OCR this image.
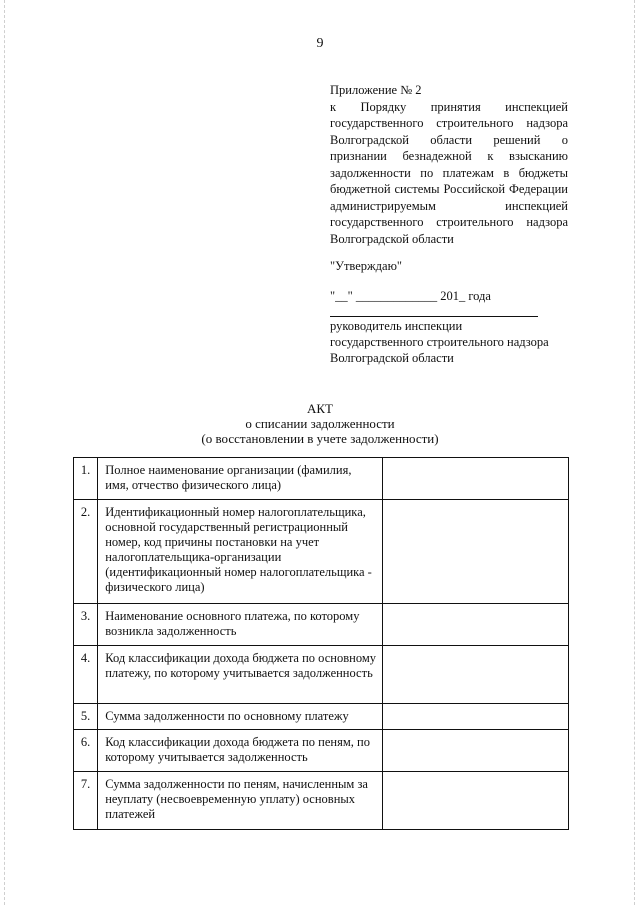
9
Приложение № 2
к Порядку принятия инспекцией государственного строительного надзора Волгоградской области решений о признании безнадежной к взысканию задолженности по платежам в бюджеты бюджетной системы Российской Федерации администрируемым инспекцией государственного строительного надзора Волгоградской области
"Утверждаю"
"__" _____________ 201_ года
руководитель инспекции
государственного строительного надзора
Волгоградской области
АКТ
о списании задолженности
(о восстановлении в учете задолженности)
1.	Полное наименование организации (фамилия, имя, отчество физического лица)	
2.	Идентификационный номер налогоплательщика, основной государственный регистрационный номер, код причины постановки на учет налогоплательщика-организации (идентификационный номер налогоплательщика - физического лица)	
3.	Наименование основного платежа, по которому возникла задолженность	
4.	Код классификации дохода бюджета по основному платежу, по которому учитывается задолженность	
5.	Сумма задолженности по основному платежу	
6.	Код классификации дохода бюджета по пеням, по которому учитывается задолженность	
7.	Сумма задолженности по пеням, начисленным за неуплату (несвоевременную уплату) основных платежей	
